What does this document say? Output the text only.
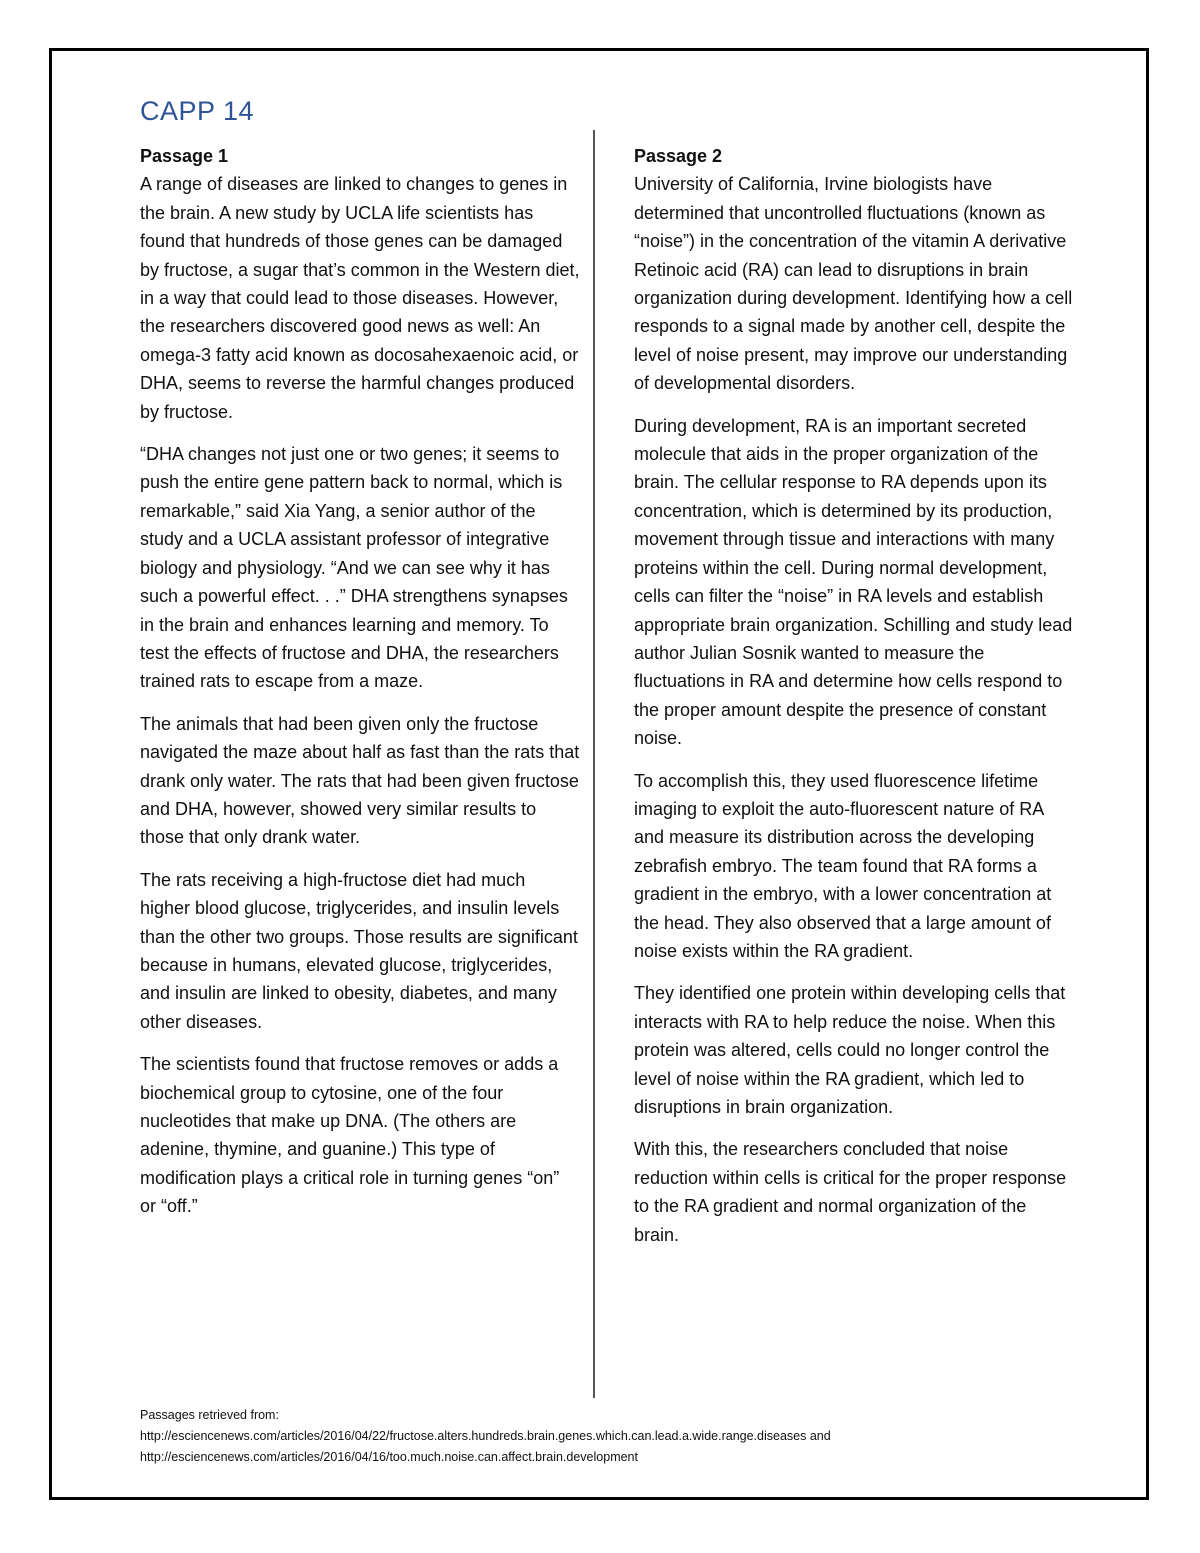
CAPP 14
Passage 1

A range of diseases are linked to changes to genes in the brain. A new study by UCLA life scientists has found that hundreds of those genes can be damaged by fructose, a sugar that’s common in the Western diet, in a way that could lead to those diseases. However, the researchers discovered good news as well: An omega-3 fatty acid known as docosahexaenoic acid, or DHA, seems to reverse the harmful changes produced by fructose.

“DHA changes not just one or two genes; it seems to push the entire gene pattern back to normal, which is remarkable,” said Xia Yang, a senior author of the study and a UCLA assistant professor of integrative biology and physiology. “And we can see why it has such a powerful effect. . .” DHA strengthens synapses in the brain and enhances learning and memory. To test the effects of fructose and DHA, the researchers trained rats to escape from a maze.

The animals that had been given only the fructose navigated the maze about half as fast than the rats that drank only water. The rats that had been given fructose and DHA, however, showed very similar results to those that only drank water.

The rats receiving a high-fructose diet had much higher blood glucose, triglycerides, and insulin levels than the other two groups. Those results are significant because in humans, elevated glucose, triglycerides, and insulin are linked to obesity, diabetes, and many other diseases.

The scientists found that fructose removes or adds a biochemical group to cytosine, one of the four nucleotides that make up DNA. (The others are adenine, thymine, and guanine.) This type of modification plays a critical role in turning genes “on” or “off.”

Passage 2

University of California, Irvine biologists have determined that uncontrolled fluctuations (known as “noise”) in the concentration of the vitamin A derivative Retinoic acid (RA) can lead to disruptions in brain organization during development. Identifying how a cell responds to a signal made by another cell, despite the level of noise present, may improve our understanding of developmental disorders.

During development, RA is an important secreted molecule that aids in the proper organization of the brain. The cellular response to RA depends upon its concentration, which is determined by its production, movement through tissue and interactions with many proteins within the cell. During normal development, cells can filter the “noise” in RA levels and establish appropriate brain organization. Schilling and study lead author Julian Sosnik wanted to measure the fluctuations in RA and determine how cells respond to the proper amount despite the presence of constant noise.

To accomplish this, they used fluorescence lifetime imaging to exploit the auto-fluorescent nature of RA and measure its distribution across the developing zebrafish embryo. The team found that RA forms a gradient in the embryo, with a lower concentration at the head. They also observed that a large amount of noise exists within the RA gradient.

They identified one protein within developing cells that interacts with RA to help reduce the noise. When this protein was altered, cells could no longer control the level of noise within the RA gradient, which led to disruptions in brain organization.

With this, the researchers concluded that noise reduction within cells is critical for the proper response to the RA gradient and normal organization of the brain.

Passages retrieved from:
http://esciencenews.com/articles/2016/04/22/fructose.alters.hundreds.brain.genes.which.can.lead.a.wide.range.diseases and
http://esciencenews.com/articles/2016/04/16/too.much.noise.can.affect.brain.development
